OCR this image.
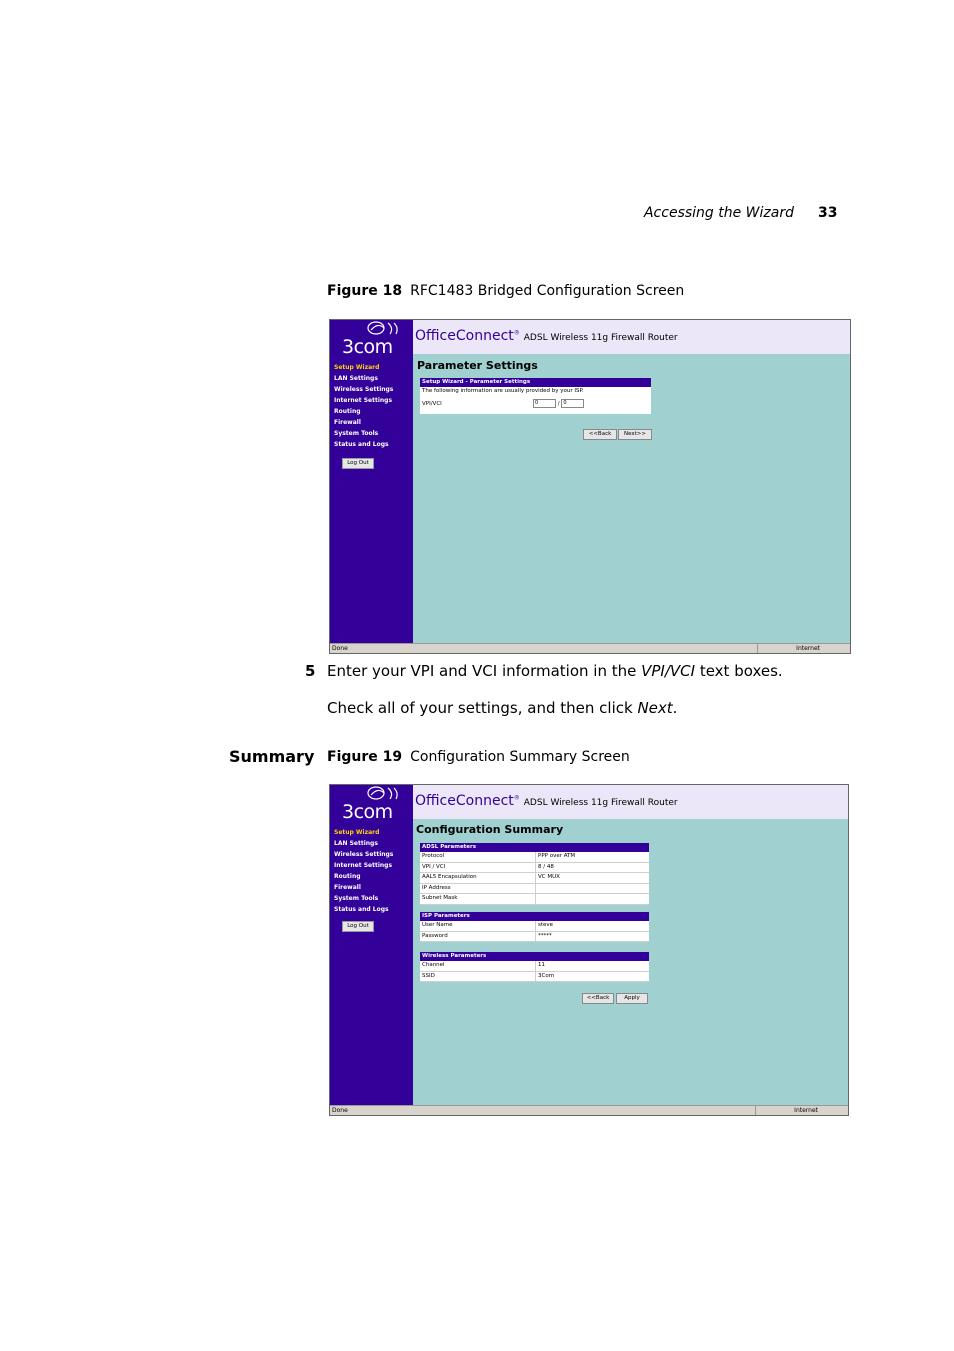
Accessing the Wizard 33
Figure 18 RFC1483 Bridged Configuration Screen
3com
Setup Wizard
LAN Settings
Wireless Settings
Internet Settings
Routing
Firewall
System Tools
Status and Logs
Log Out
OfficeConnect®ADSL Wireless 11g Firewall Router
Parameter Settings
Setup Wizard - Parameter Settings
The following information are usually provided by your ISP.
VPI/VCI	0	/ 0
<<Back	Next>>
Done	Internet
5 Enter your VPI and VCI information in the VPI/VCI text boxes.
Check all of your settings, and then click Next.
Summary Figure 19 Configuration Summary Screen
3com
Setup Wizard
LAN Settings
Wireless Settings
Internet Settings
Routing
Firewall
System Tools
Status and Logs
Log Out
OfficeConnect®ADSL Wireless 11g Firewall Router
Configuration Summary
ADSL Parameters
Protocol	PPP over ATM
VPI / VCI	8 / 48
AAL5 Encapsulation	VC MUX
IP Address
Subnet Mask
ISP Parameters
User Name	steve
Password	*****
Wireless Parameters
Channel	11
SSID	3Com
<<Back	Apply
Done	Internet
